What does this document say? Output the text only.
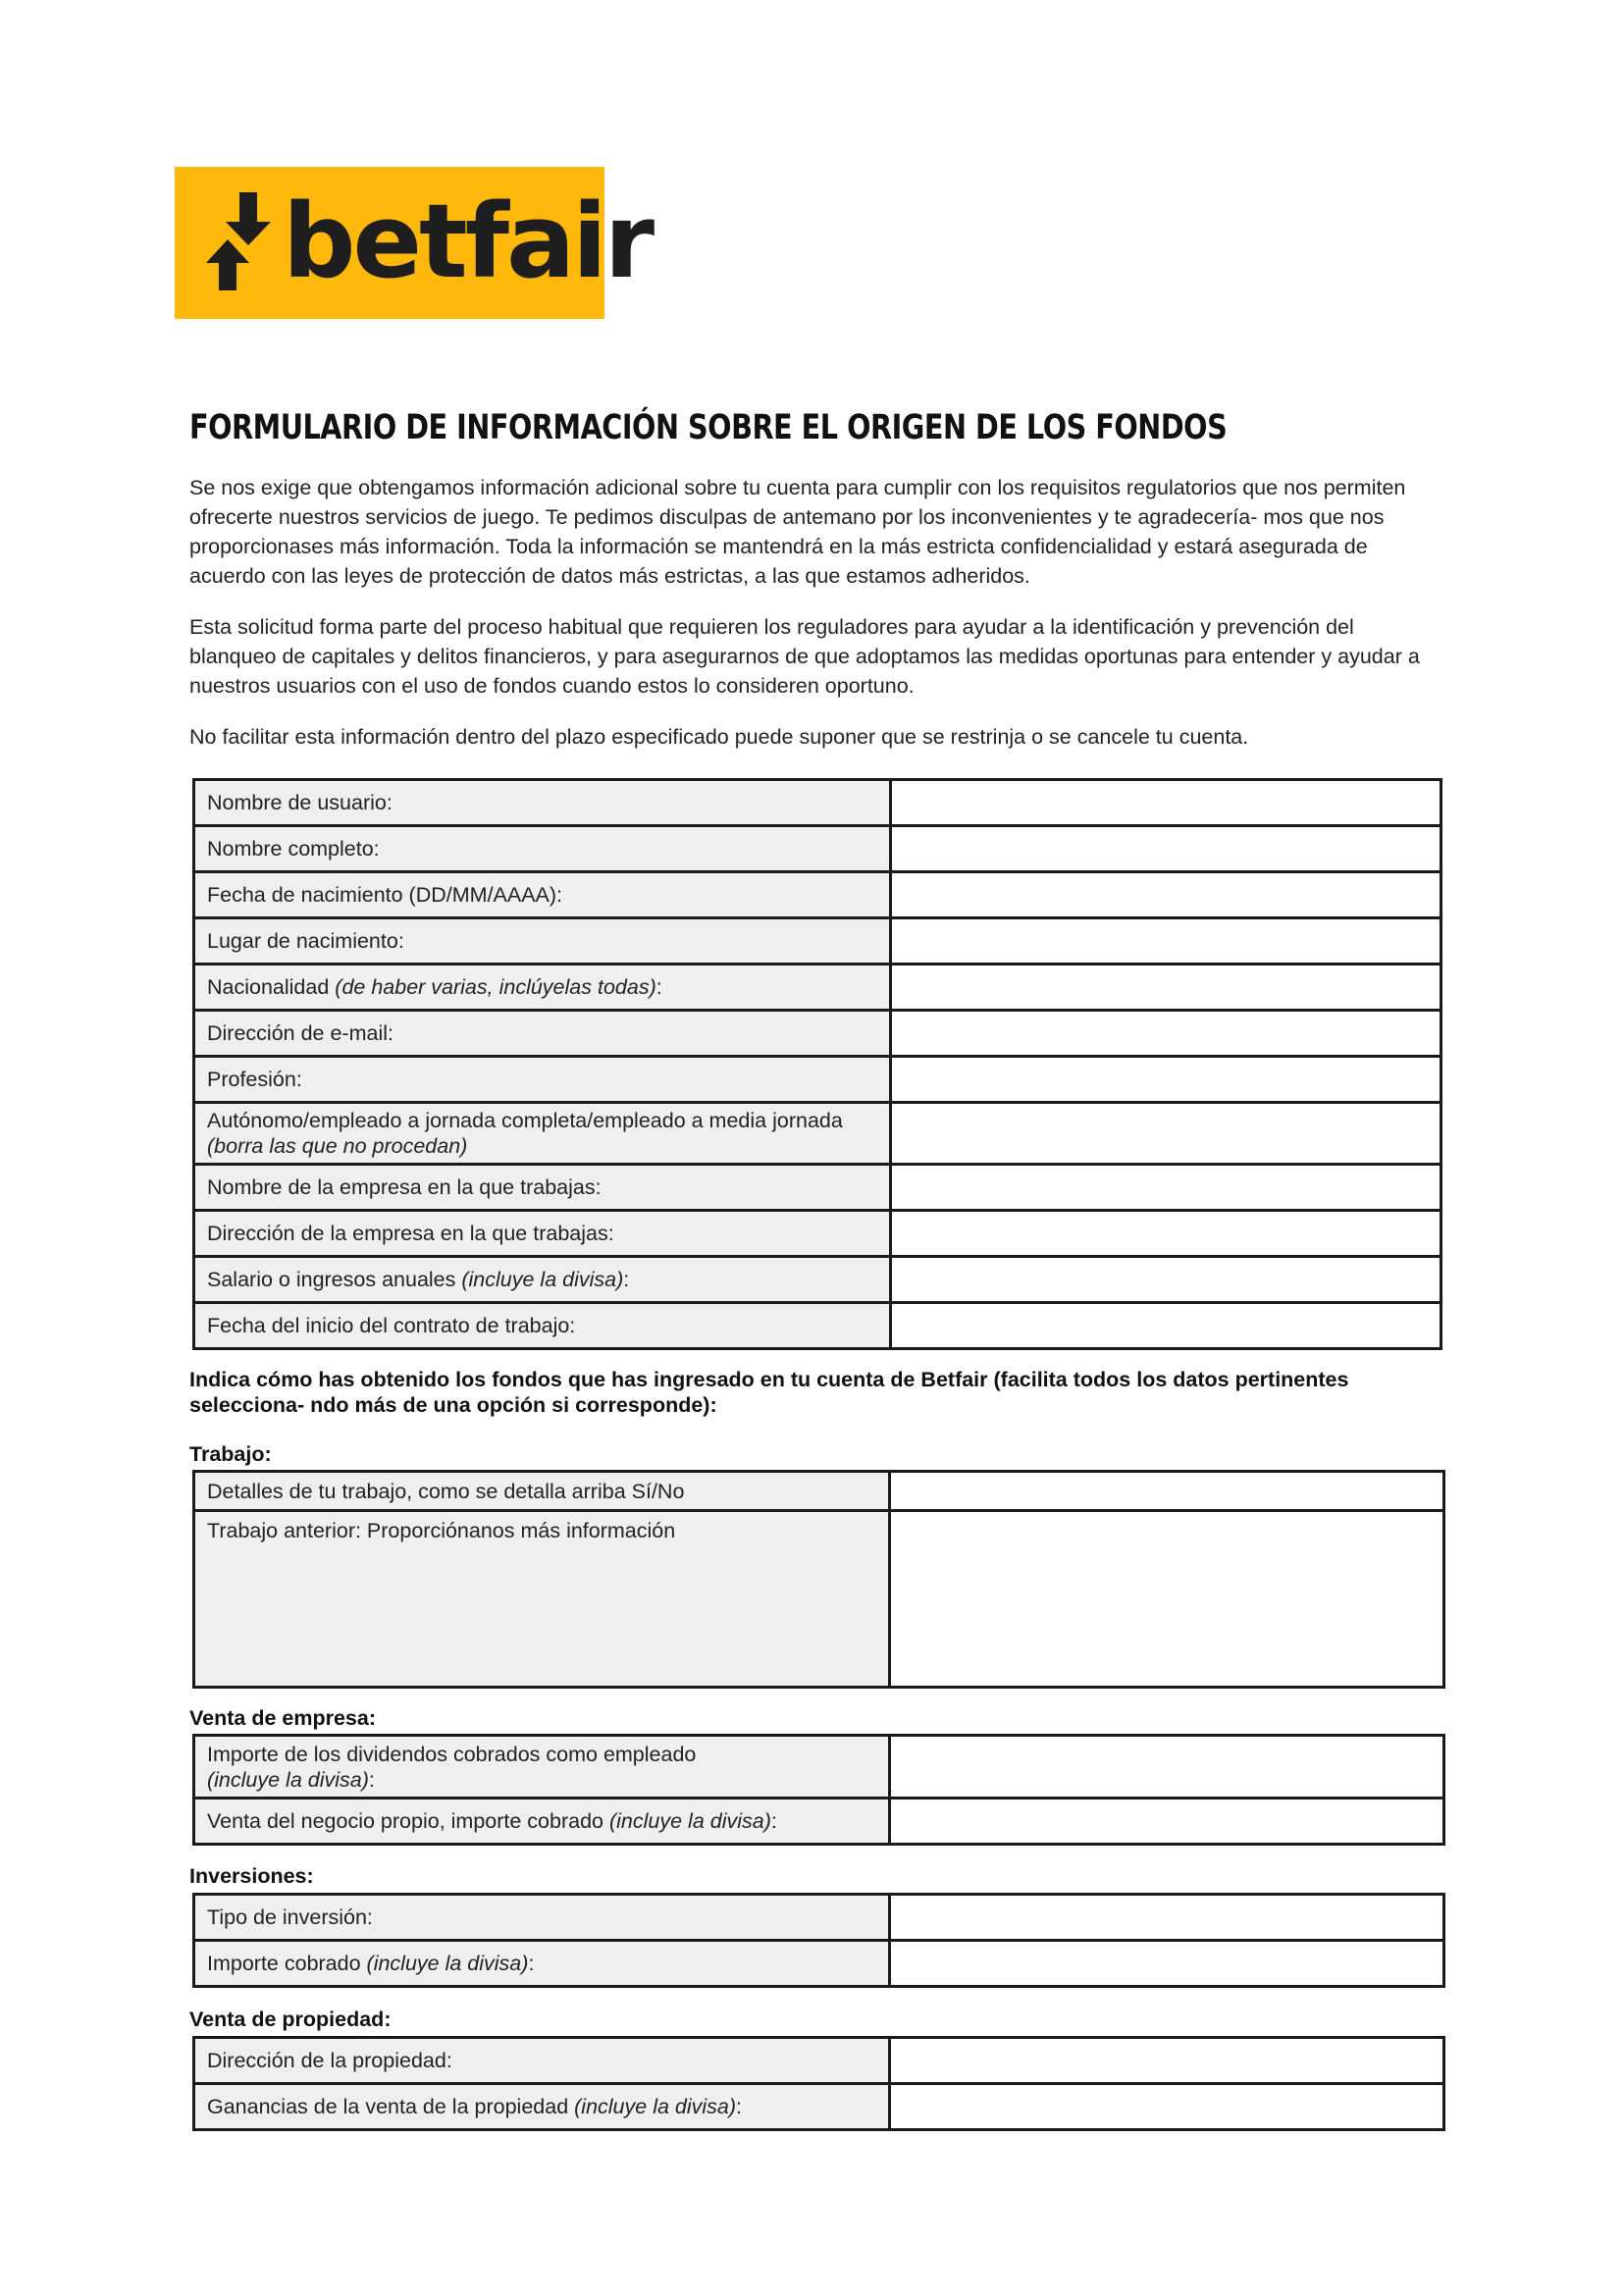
betfair
FORMULARIO DE INFORMACIÓN SOBRE EL ORIGEN DE LOS FONDOS

Se nos exige que obtengamos información adicional sobre tu cuenta para cumplir con los requisitos regulatorios que nos permiten ofrecerte nuestros servicios de juego. Te pedimos disculpas de antemano por los inconvenientes y te agradecería- mos que nos proporcionases más información. Toda la información se mantendrá en la más estricta confidencialidad y estará asegurada de acuerdo con las leyes de protección de datos más estrictas, a las que estamos adheridos.

Esta solicitud forma parte del proceso habitual que requieren los reguladores para ayudar a la identificación y prevención del blanqueo de capitales y delitos financieros, y para asegurarnos de que adoptamos las medidas oportunas para entender y ayudar a nuestros usuarios con el uso de fondos cuando estos lo consideren oportuno.

No facilitar esta información dentro del plazo especificado puede suponer que se restrinja o se cancele tu cuenta.

Nombre de usuario:	
Nombre completo:	
Fecha de nacimiento (DD/MM/AAAA):	
Lugar de nacimiento:	
Nacionalidad (de haber varias, inclúyelas todas):	
Dirección de e-mail:	
Profesión:	
Autónomo/empleado a jornada completa/empleado a media jornada
(borra las que no procedan)	
Nombre de la empresa en la que trabajas:	
Dirección de la empresa en la que trabajas:	
Salario o ingresos anuales (incluye la divisa):	
Fecha del inicio del contrato de trabajo:	

Indica cómo has obtenido los fondos que has ingresado en tu cuenta de Betfair (facilita todos los datos pertinentes selecciona- ndo más de una opción si corresponde):

Trabajo:

Detalles de tu trabajo, como se detalla arriba Sí/No	
Trabajo anterior: Proporciónanos más información	

Venta de empresa:

Importe de los dividendos cobrados como empleado
(incluye la divisa):	
Venta del negocio propio, importe cobrado (incluye la divisa):	

Inversiones:

Tipo de inversión:	
Importe cobrado (incluye la divisa):	

Venta de propiedad:

Dirección de la propiedad:	
Ganancias de la venta de la propiedad (incluye la divisa):	
